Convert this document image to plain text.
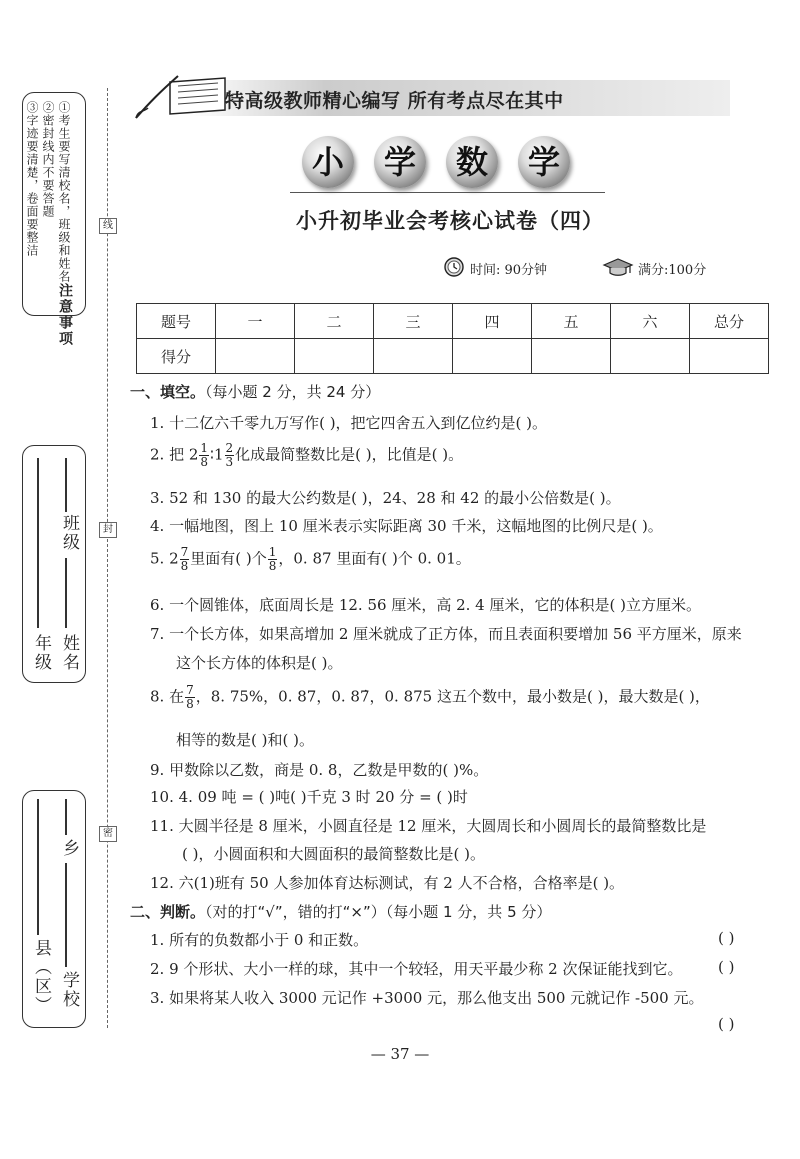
注意事项
①考生要写清校名，班级和姓名
②密封线内不要答题
③字迹要清楚，卷面要整洁	线
封
密
班级
年级 姓名
乡
县（区） 学校
特高级教师精心编写 所有考点尽在其中
小	学	数	学
小升初毕业会考核心试卷（四）
时间: 90分钟	满分:100分
题号	一	二	三	四	五	六	总分
得分							
一、填空。（每小题 2 分，共 24 分）
1. 十二亿六千零九万写作( )，把它四舍五入到亿位约是( )。
2. 把 $2 \frac{1}{8}$ ∶1 $\frac{2}{3}$ 化成最简整数比是( )，比值是( )。
3. 52 和 130 的最大公约数是( )，24、28 和 42 的最小公倍数是( )。
4. 一幅地图，图上 10 厘米表示实际距离 30 千米，这幅地图的比例尺是( )。
5. $2 \frac{7}{8}$ 里面有( )个 $\frac{1}{8}$ ，0. 87 里面有( )个 0. 01。
6. 一个圆锥体，底面周长是 12. 56 厘米，高 2. 4 厘米，它的体积是( )立方厘米。
7. 一个长方体，如果高增加 2 厘米就成了正方体，而且表面积要增加 56 平方厘米，原来
这个长方体的体积是( )。
8. 在 $\frac{7}{8}$ ，8. 75%，0. 87，0. 87̇，0. 875 这五个数中，最小数是( )，最大数是( )，
相等的数是( )和( )。
9. 甲数除以乙数，商是 0. 8，乙数是甲数的( )%。
10. 4. 09 吨 = ( )吨( )千克 3 时 20 分 = ( )时
11. 大圆半径是 8 厘米，小圆直径是 12 厘米，大圆周长和小圆周长的最简整数比是
( )，小圆面积和大圆面积的最简整数比是( )。
12. 六(1)班有 50 人参加体育达标测试，有 2 人不合格，合格率是( )。
二、判断。（对的打“√”，错的打“×”）（每小题 1 分，共 5 分）
1. 所有的负数都小于 0 和正数。	( )
2. 9 个形状、大小一样的球，其中一个较轻，用天平最少称 2 次保证能找到它。 ( )
3. 如果将某人收入 3000 元记作 +3000 元，那么他支出 500 元就记作 -500 元。
( )
— 37 —
